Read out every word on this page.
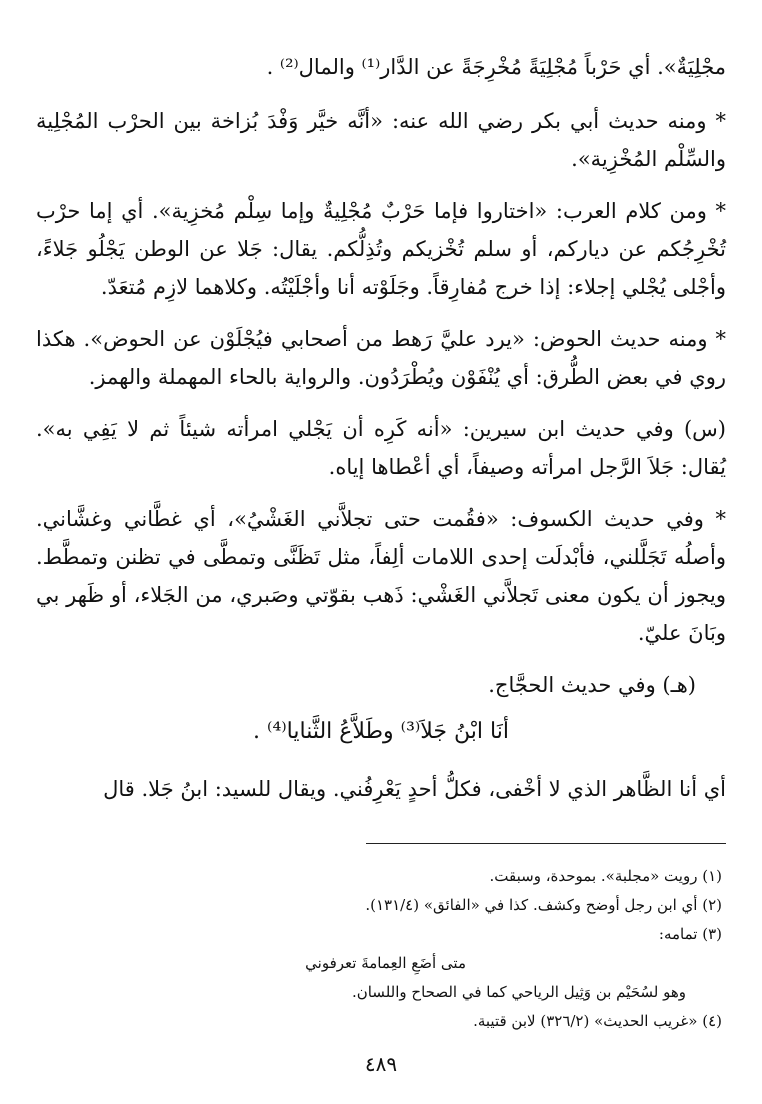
مجْلِيَةٌ». أي حَرْباً مُجْلِيَةً مُخْرِجَةً عن الدَّار⁽¹⁾ والمال⁽²⁾ .

* ومنه حديث أبي بكر رضي الله عنه: «أنَّه خيَّر وَفْدَ بُزاخة بين الحرْب المُجْلِية والسِّلْم المُخْزِية».

* ومن كلام العرب: «اختاروا فإما حَرْبٌ مُجْلِيةٌ وإما سِلْم مُخزِية». أي إما حرْب تُخْرِجُكم عن دياركم، أو سلم تُخْزيكم وتُذِلُّكم. يقال: جَلا عن الوطن يَجْلُو جَلاءً، وأجْلى يُجْلي إجلاء: إذا خرج مُفارِقاً. وجَلَوْته أنا وأجْلَيْتُه. وكلاهما لازِم مُتعَدّ.

* ومنه حديث الحوض: «يرد عليَّ رَهط من أصحابي فيُجْلَوْن عن الحوض». هكذا روي في بعض الطُّرق: أي يُنْفَوْن ويُطْرَدُون. والرواية بالحاء المهملة والهمز.

(س) وفي حديث ابن سيرين: «أنه كَرِه أن يَجْلي امرأته شيئاً ثم لا يَفِي به». يُقال: جَلاَ الرَّجل امرأته وصيفاً، أي أعْطاها إياه.

* وفي حديث الكسوف: «فقُمت حتى تجلاَّني الغَشْيُ»، أي غطَّاني وغشَّاني. وأصلُه تَجَلَّلني، فأبْدلَت إحدى اللامات ألِفاً، مثل تَظَنَّى وتمطَّى في تظنن وتمطَّط. ويجوز أن يكون معنى تَجلاَّني الغَشْي: ذَهب بقوّتي وصَبري، من الجَلاء، أو ظَهر بي وبَانَ عليّ.

(هـ) وفي حديث الحجَّاج.

أنَا ابْنُ جَلاَ⁽³⁾ وطَلاَّعُ الثَّنايا⁽⁴⁾ .

أي أنا الظَّاهر الذي لا أخْفى، فكلُّ أحدٍ يَعْرِفُني. ويقال للسيد: ابنُ جَلا. قال

(١) رويت «مجلبة». بموحدة، وسبقت.

(٢) أي ابن رجل أوضح وكشف. كذا في «الفائق» (١٣١/٤).

(٣) تمامه:

متى أضَعِ العِمامةَ تعرفوني

وهو لسُحَيْم بن وَثِيل الرياحي كما في الصحاح واللسان.

(٤) «غريب الحديث» (٣٢٦/٢) لابن قتيبة.

٤٨٩
